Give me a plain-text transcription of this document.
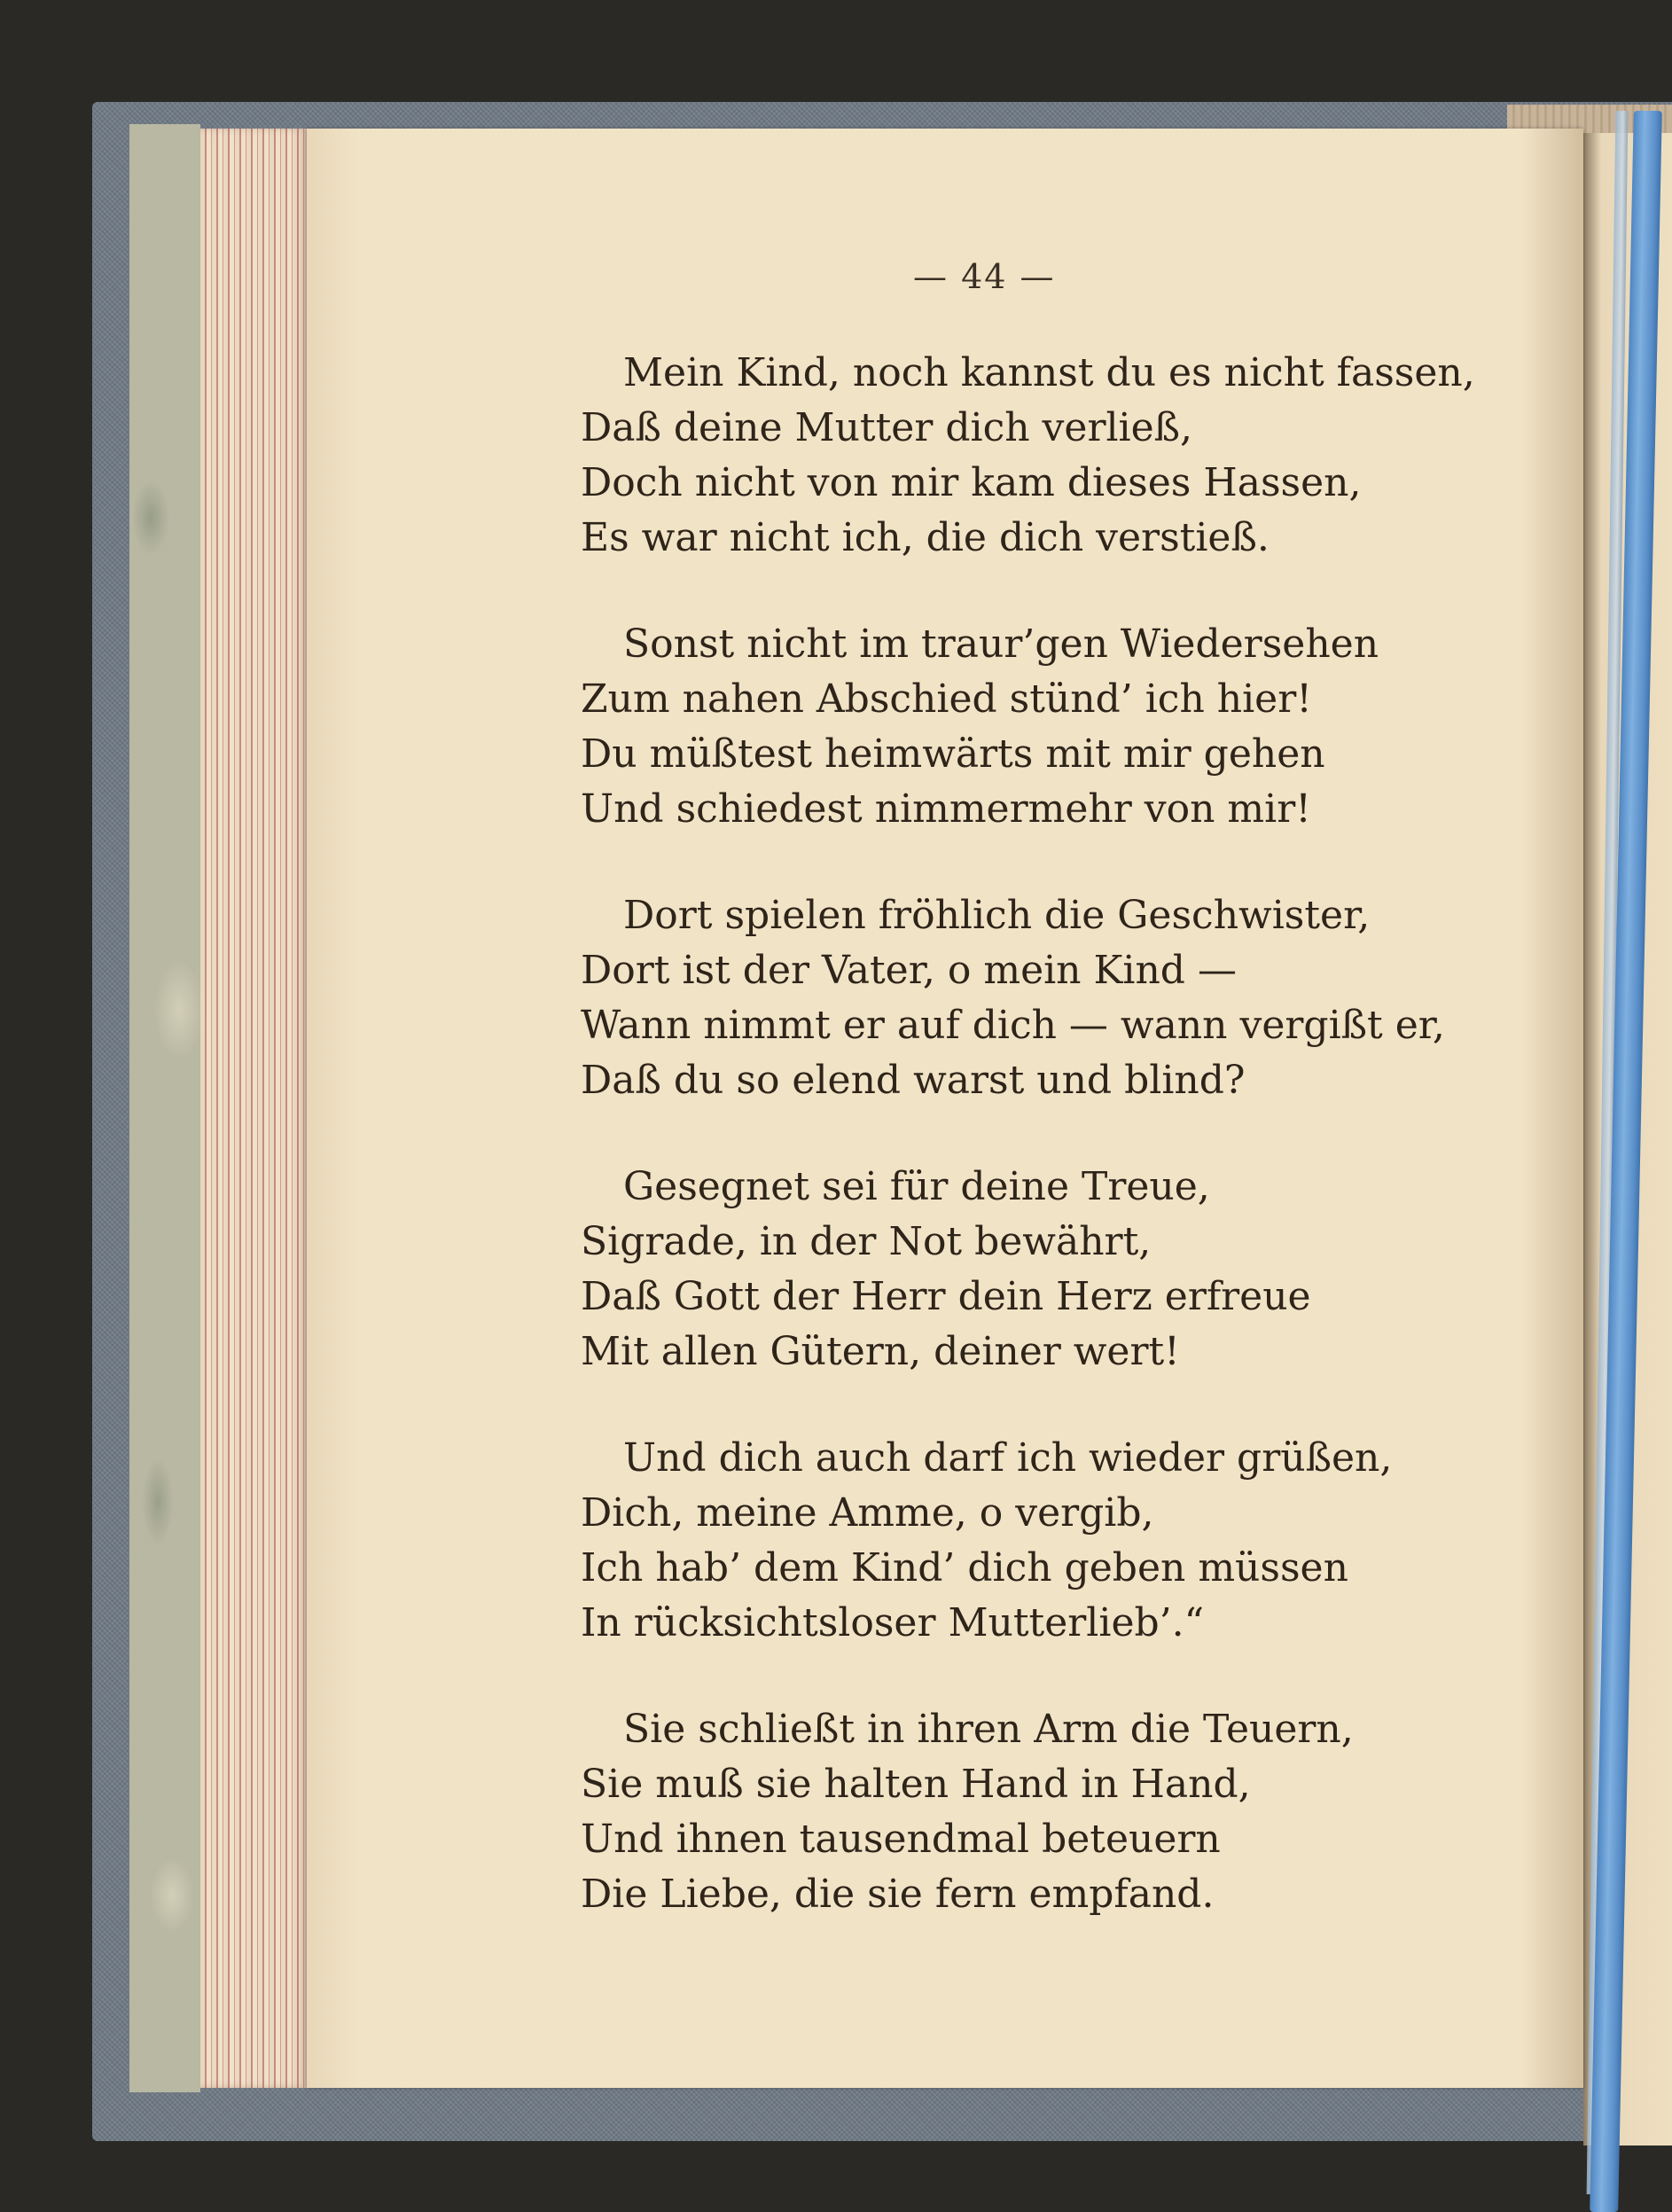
— 44 —
Mein Kind, noch kannst du es nicht fassen,
Daß deine Mutter dich verließ,
Doch nicht von mir kam dieses Hassen,
Es war nicht ich, die dich verstieß.
Sonst nicht im traur’gen Wiedersehen
Zum nahen Abschied stünd’ ich hier!
Du müßtest heimwärts mit mir gehen
Und schiedest nimmermehr von mir!
Dort spielen fröhlich die Geschwister,
Dort ist der Vater, o mein Kind —
Wann nimmt er auf dich — wann vergißt er,
Daß du so elend warst und blind?
Gesegnet sei für deine Treue,
Sigrade, in der Not bewährt,
Daß Gott der Herr dein Herz erfreue
Mit allen Gütern, deiner wert!
Und dich auch darf ich wieder grüßen,
Dich, meine Amme, o vergib,
Ich hab’ dem Kind’ dich geben müssen
In rücksichtsloser Mutterlieb’.“
Sie schließt in ihren Arm die Teuern,
Sie muß sie halten Hand in Hand,
Und ihnen tausendmal beteuern
Die Liebe, die sie fern empfand.
